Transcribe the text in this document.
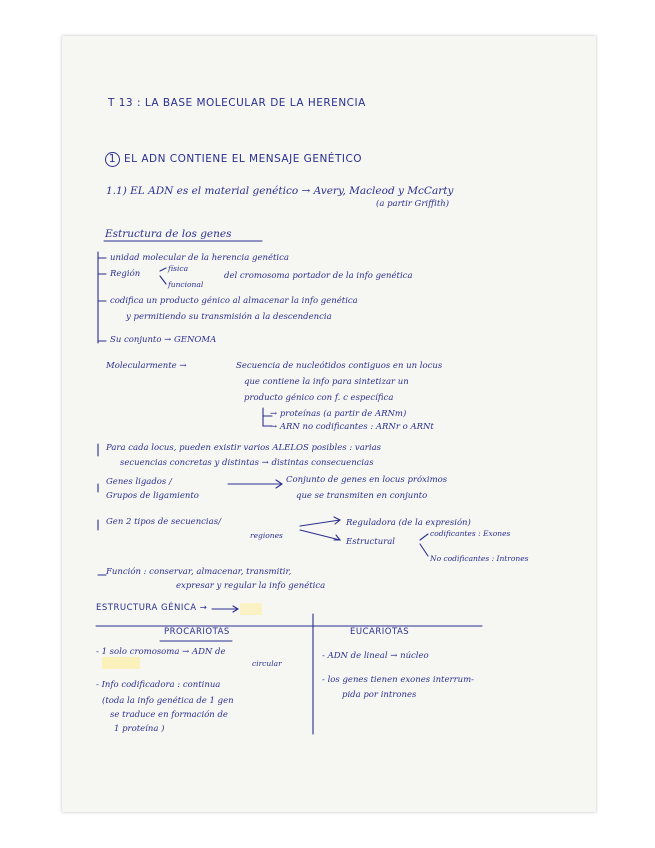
T 13 : LA BASE MOLECULAR DE LA HERENCIA
1 EL ADN CONTIENE EL MENSAJE GENÉTICO
1.1) EL ADN es el material genético → Avery, Macleod y McCarty
(a partir Griffith)
Estructura de los genes
unidad molecular de la herencia genética
Región
física
funcional
del cromosoma portador de la info genética
codifica un producto génico al almacenar la info genética
y permitiendo su transmisión a la descendencia
Su conjunto → GENOMA
Molecularmente →	Secuencia de nucleótidos contiguos en un locus
que contiene la info para sintetizar un
producto génico con f. c específica
→ proteínas (a partir de ARNm)
→ ARN no codificantes : ARNr o ARNt
Para cada locus, pueden existir varios ALELOS posibles : varias
secuencias concretas y distintas → distintas consecuencias
Genes ligados /
Grupos de ligamiento
Conjunto de genes en locus próximos
que se transmiten en conjunto
Gen 2 tipos de secuencias/
regiones
Reguladora (de la expresión)
Estructural
codificantes : Exones
No codificantes : Intrones
Función : conservar, almacenar, transmitir,
expresar y regular la info genética
ESTRUCTURA GÉNICA →
PROCARIOTAS
- 1 solo cromosoma → ADN de
circular
- Info codificadora : continua
(toda la info genética de 1 gen
se traduce en formación de
1 proteína )
EUCARIOTAS
- ADN de lineal → núcleo
- los genes tienen exones interrum-
pida por intrones
